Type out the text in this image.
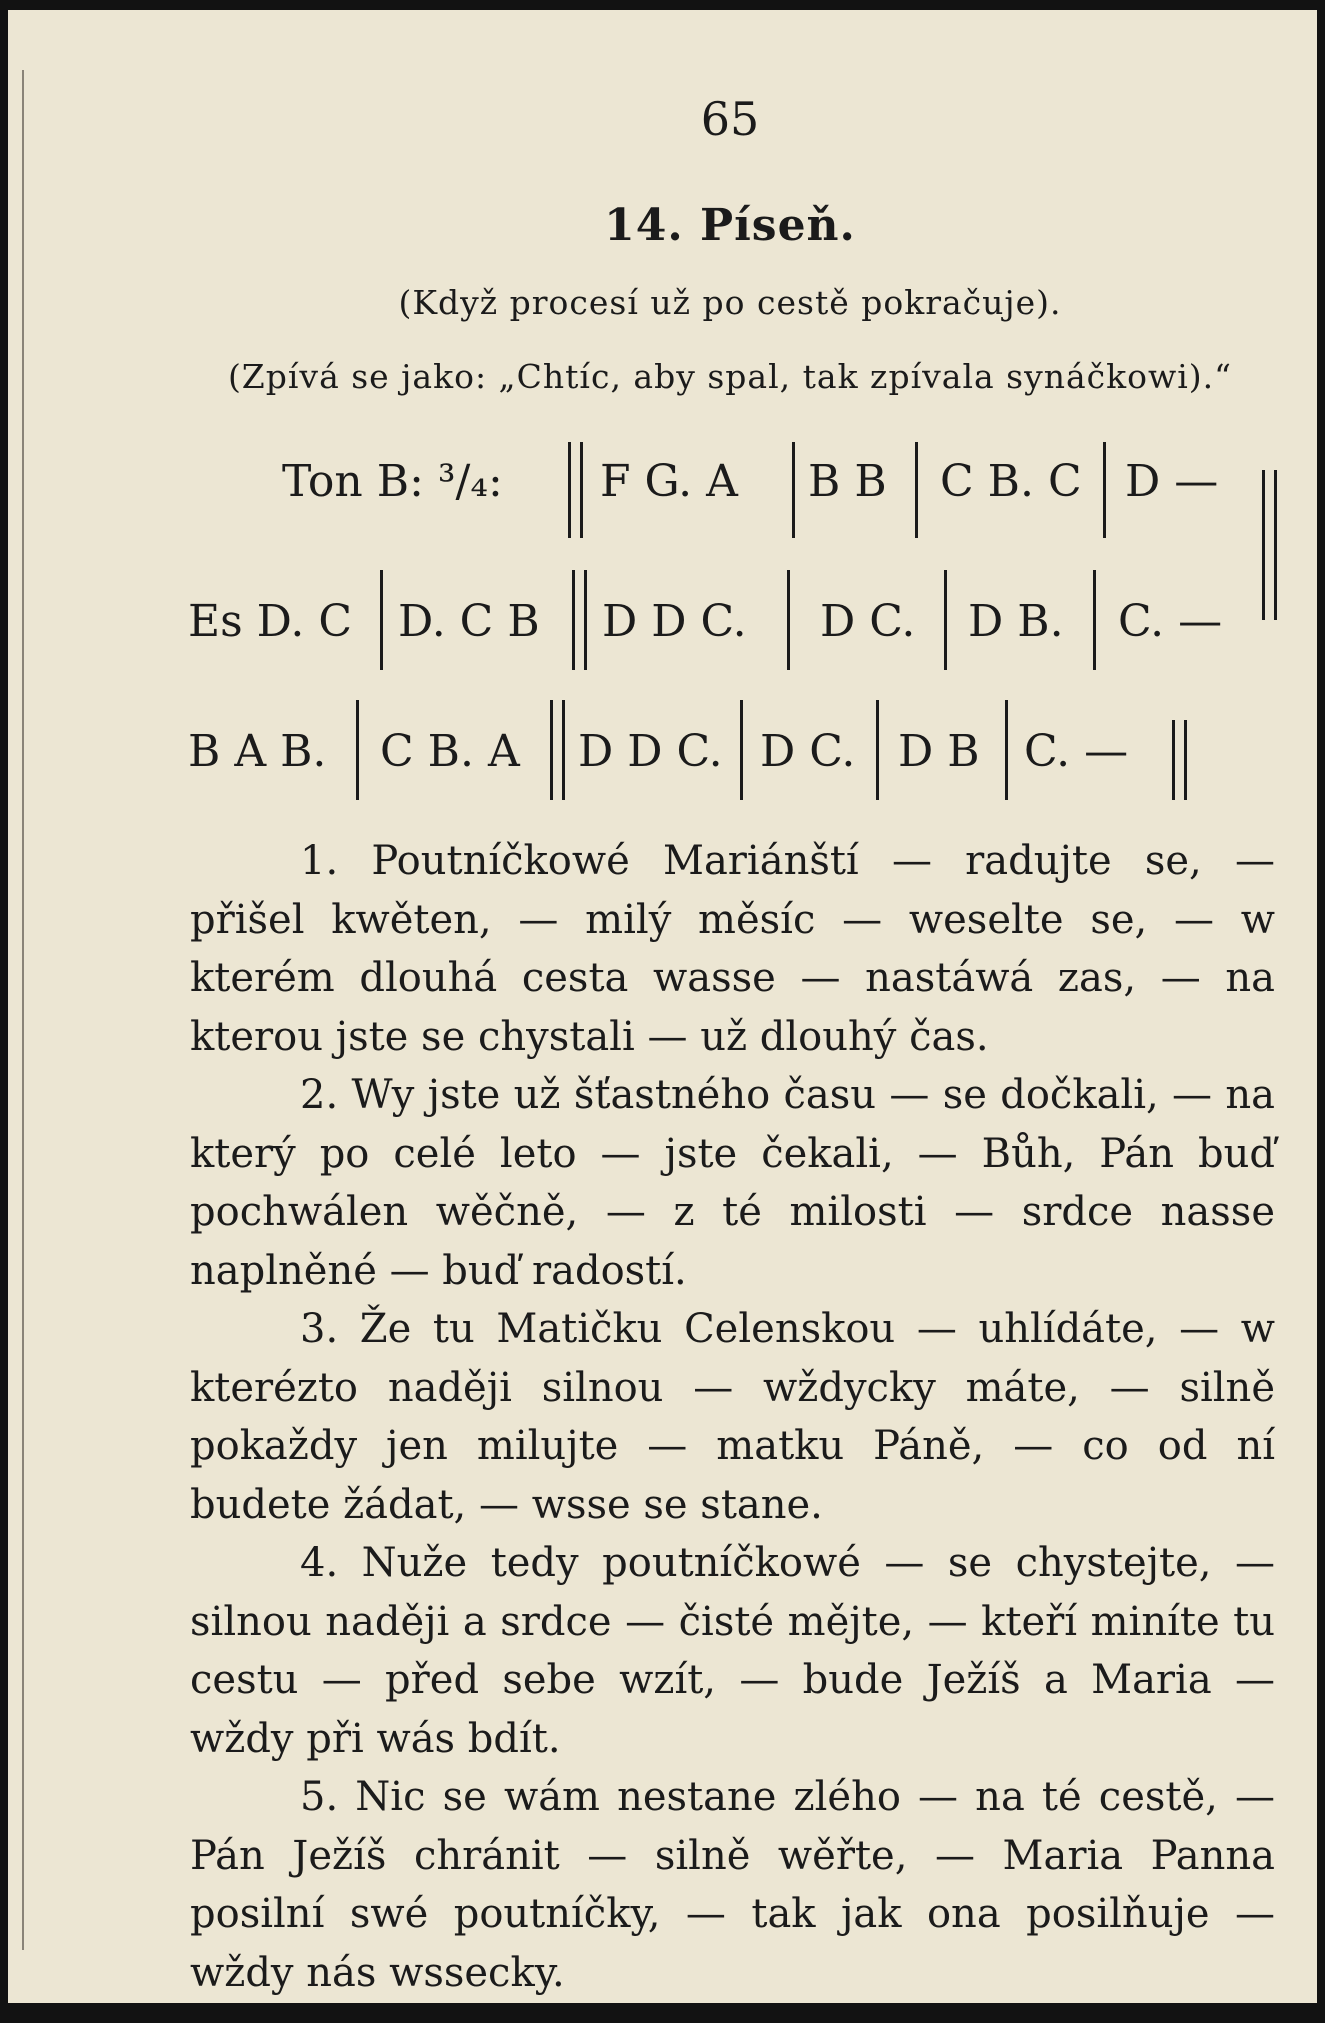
65
14. Píseň.
(Když procesí už po cestě pokračuje).
(Zpívá se jako: „Chtíc, aby spal, tak zpívala synáčkowi).“
Ton B: ³/₄: F G. A B B C B. C D —
Es D. C D. C B D D C. D C. D B. C. —
B A B. C B. A D D C. D C. D B C. —

1. Poutníčkowé Mariánští — radujte se, — přišel kwěten, — milý měsíc — weselte se, — w kterém dlouhá cesta wasse — nastáwá zas, — na kterou jste se chystali — už dlouhý čas.

2. Wy jste už šťastného času — se dočkali, — na který po celé leto — jste čekali, — Bůh, Pán buď pochwálen wěčně, — z té milosti — srdce nasse naplněné — buď radostí.

3. Že tu Matičku Celenskou — uhlídáte, — w kterézto naději silnou — wždycky máte, — silně pokaždy jen milujte — matku Páně, — co od ní budete žádat, — wsse se stane.

4. Nuže tedy poutníčkowé — se chystejte, — silnou naději a srdce — čisté mějte, — kteří miníte tu cestu — před sebe wzít, — bude Ježíš a Maria — wždy při wás bdít.

5. Nic se wám nestane zlého — na té cestě, — Pán Ježíš chránit — silně wěřte, — Maria Panna posilní swé poutníčky, — tak jak ona posilňuje — wždy nás wssecky.
